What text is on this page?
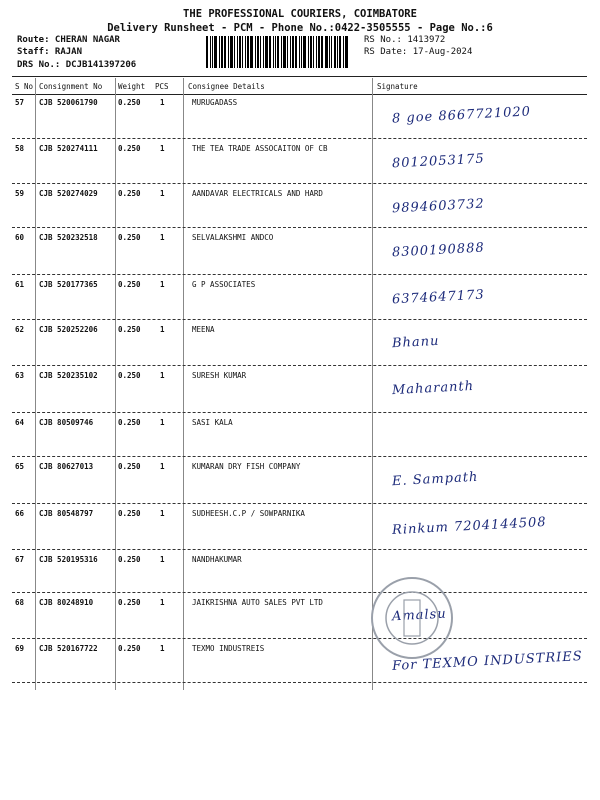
THE PROFESSIONAL COURIERS, COIMBATORE
Delivery Runsheet - PCM - Phone No.:0422-3505555 - Page No.:6
Route: CHERAN NAGAR
Staff: RAJAN
DRS No.: DCJB141397206
RS No.: 1413972
RS Date: 17-Aug-2024
S No Consignment No Weight PCS	Consignee Details	Signature
57 CJB 520061790	0.250	1	MURUGADASS
8 goe 8667721020
58 CJB 520274111	0.250	1	THE TEA TRADE ASSOCAITON OF CB
8012053175
59 CJB 520274029	0.250	1	AANDAVAR ELECTRICALS AND HARD
9894603732
60 CJB 520232518	0.250	1	SELVALAKSHMI ANDCO
8300190888
61 CJB 520177365	0.250	1	G P ASSOCIATES
6374647173
62 CJB 520252206	0.250	1	MEENA
Bhanu
63 CJB 520235102	0.250	1	SURESH KUMAR
Maharanth
64 CJB 80509746	0.250	1	SASI KALA
65 CJB 80627013	0.250	1	KUMARAN DRY FISH COMPANY
E. Sampath
66 CJB 80548797	0.250	1	SUDHEESH.C.P / SOWPARNIKA
Rinkum 7204144508
67 CJB 520195316	0.250	1	NANDHAKUMAR
68 CJB 80248910	0.250	1	JAIKRISHNA AUTO SALES PVT LTD
Amalsu
69 CJB 520167722	0.250	1	TEXMO INDUSTREIS
For TEXMO INDUSTRIES
